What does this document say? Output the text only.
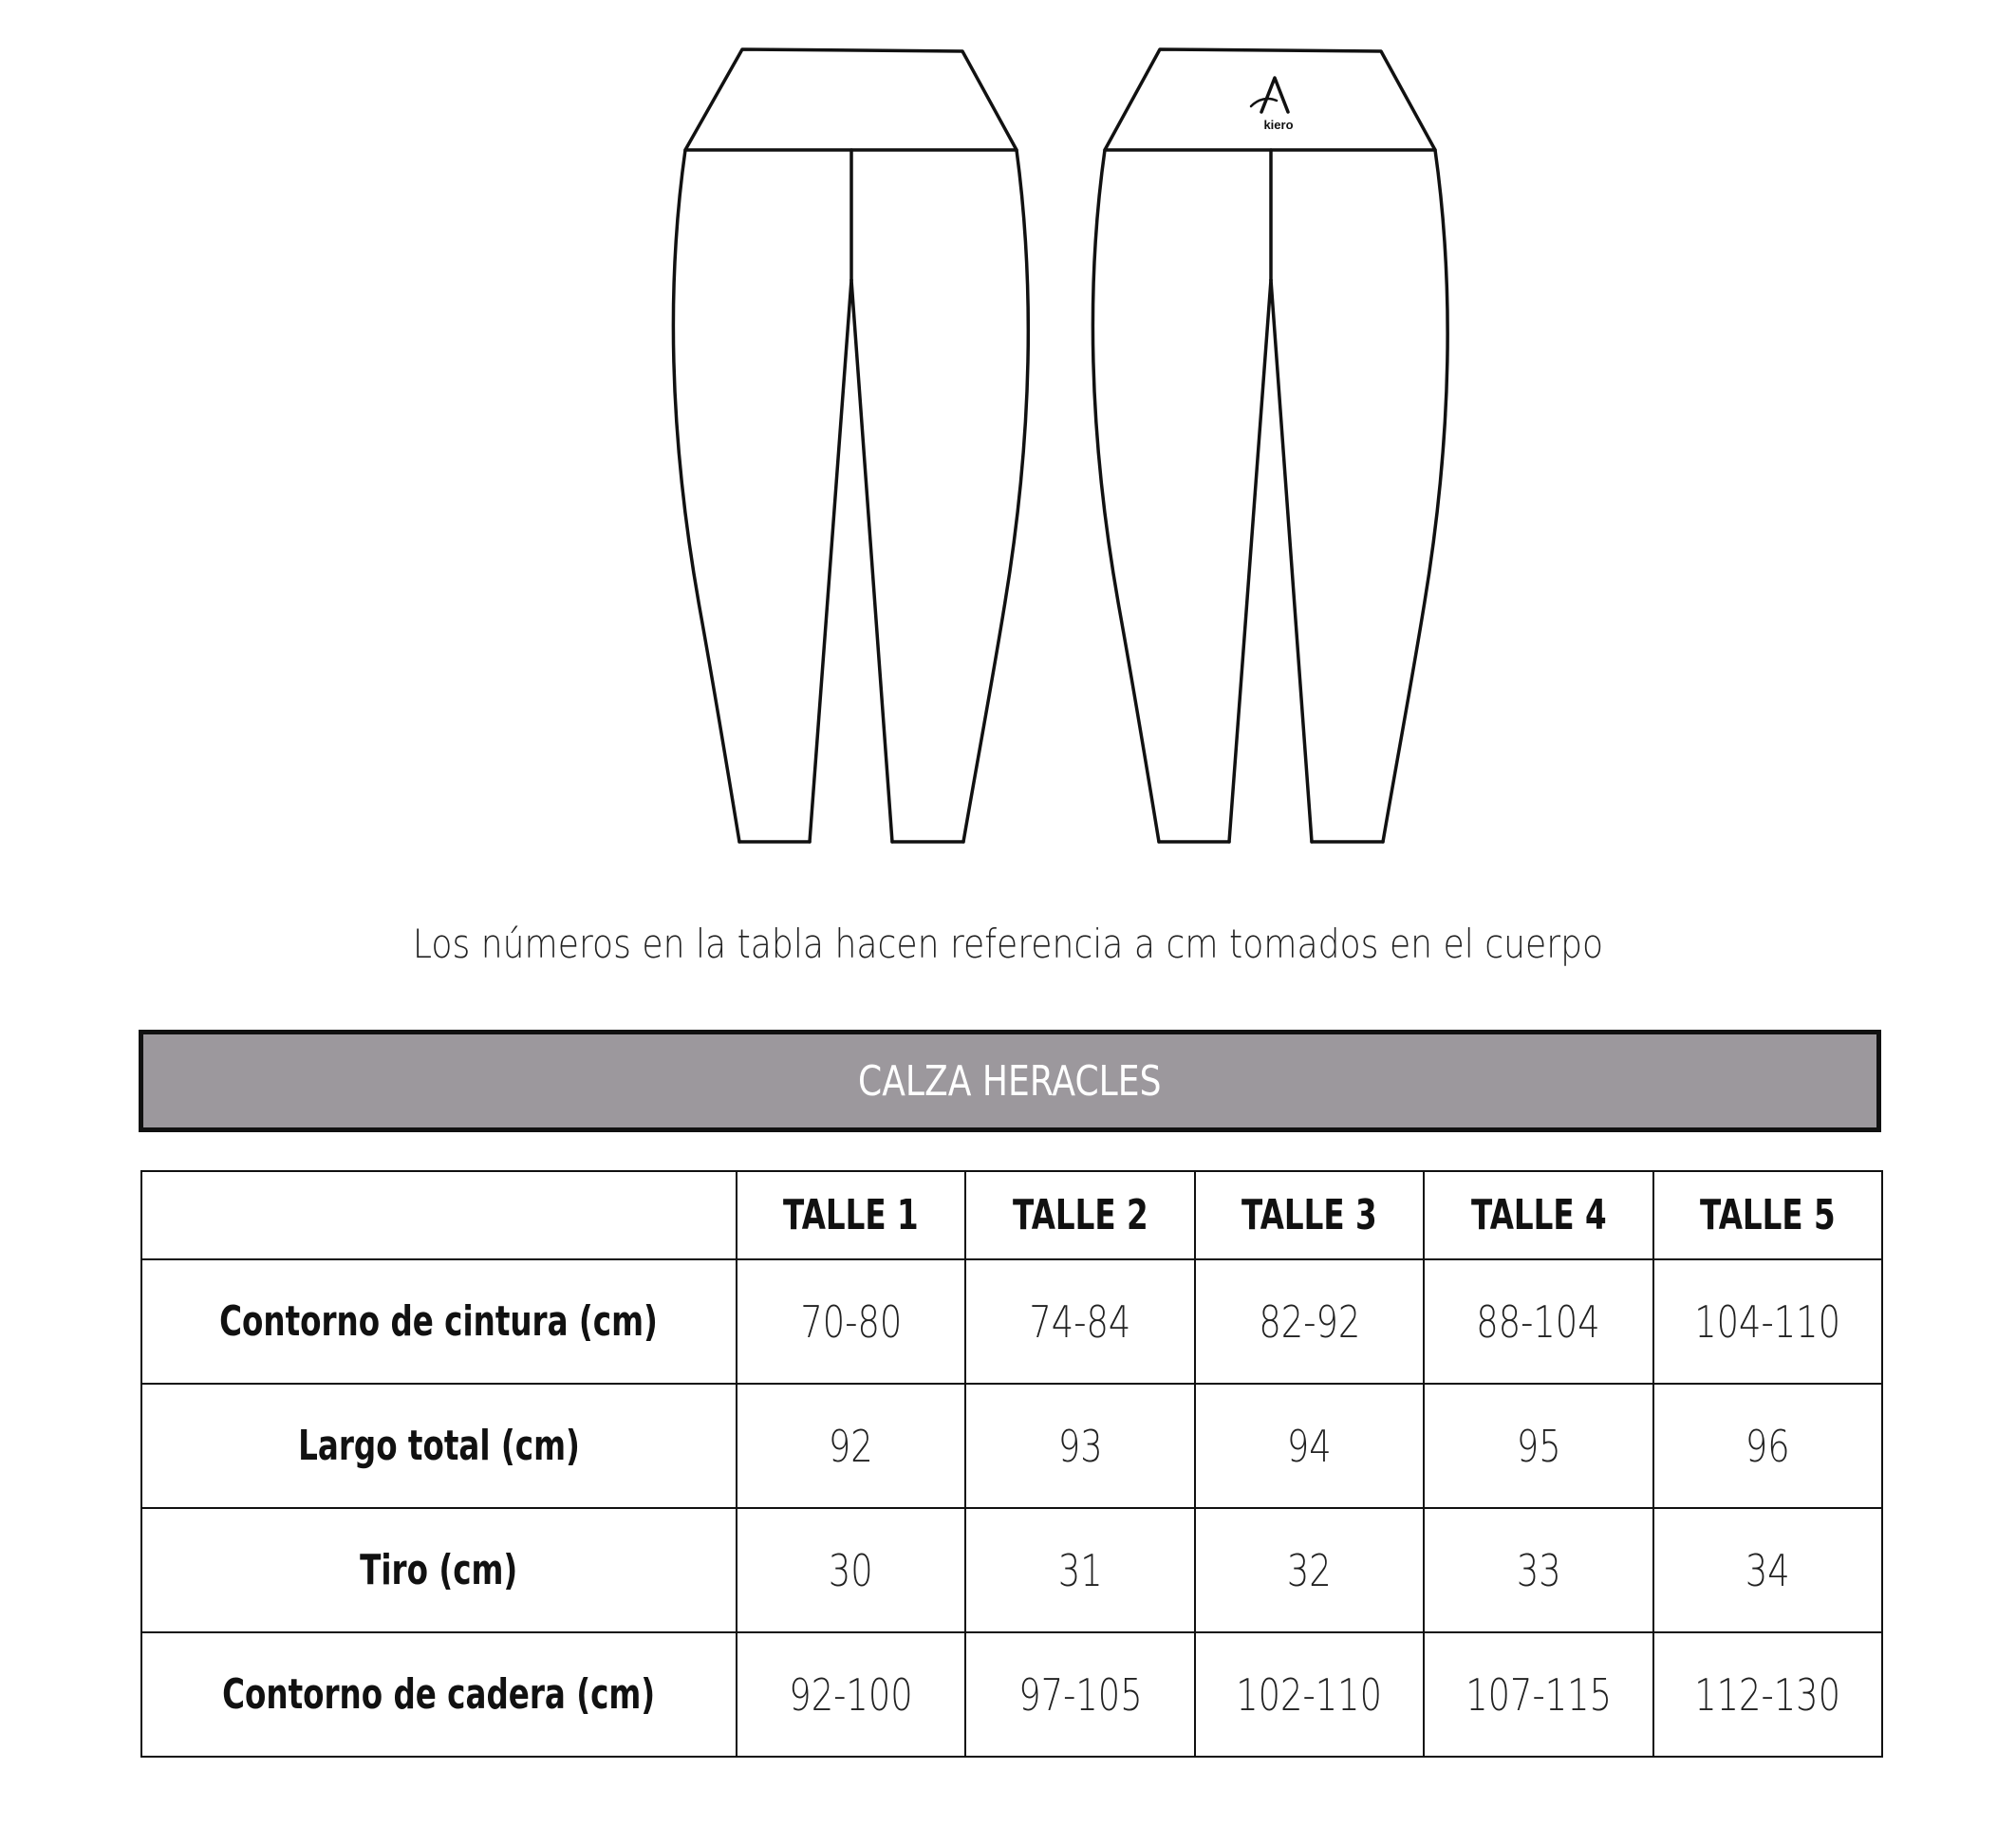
kiero
Los números en la tabla hacen referencia a cm tomados en el cuerpo
CALZA HERACLES
	TALLE 1	TALLE 2	TALLE 3	TALLE 4	TALLE 5
Contorno de cintura (cm)	70-80	74-84	82-92	88-104	104-110
Largo total (cm)	92	93	94	95	96
Tiro (cm)	30	31	32	33	34
Contorno de cadera (cm)	92-100	97-105	102-110	107-115	112-130
